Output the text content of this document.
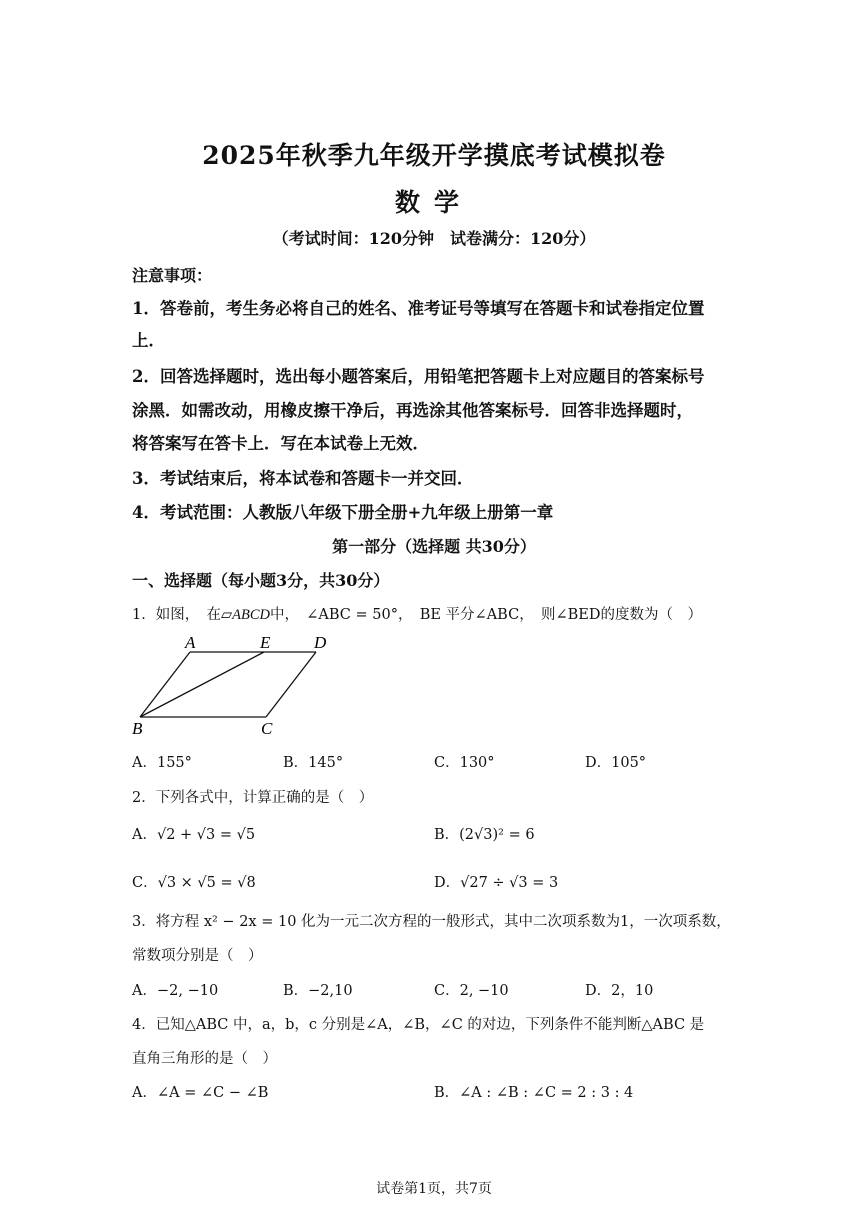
2025年秋季九年级开学摸底考试模拟卷
数学
（考试时间：120分钟　试卷满分：120分）
注意事项：
1．答卷前，考生务必将自己的姓名、准考证号等填写在答题卡和试卷指定位置
上．
2．回答选择题时，选出每小题答案后，用铅笔把答题卡上对应题目的答案标号
涂黑．如需改动，用橡皮擦干净后，再选涂其他答案标号．回答非选择题时，
将答案写在答卡上．写在本试卷上无效．
3．考试结束后，将本试卷和答题卡一并交回．
4．考试范围：人教版八年级下册全册+九年级上册第一章
第一部分（选择题 共30分）
一、选择题（每小题3分，共30分）
1．如图，　在▱ABCD中，　∠ABC = 50°，　BE 平分∠ABC，　则∠BED的度数为（　）
A	E	D
B	C
A．155°	B．145°	C．130°	D．105°
2．下列各式中，计算正确的是（　）
A．√2 + √3 = √5	B．(2√3)² = 6
C．√3 × √5 = √8	D．√27 ÷ √3 = 3
3．将方程 x² − 2x = 10 化为一元二次方程的一般形式，其中二次项系数为1，一次项系数，
常数项分别是（　）
A．−2, −10	B．−2,10	C．2, −10	D．2，10
4．已知△ABC 中，a，b，c 分别是∠A，∠B，∠C 的对边，下列条件不能判断△ABC 是
直角三角形的是（　）
A．∠A = ∠C − ∠B	B．∠A : ∠B : ∠C = 2 : 3 : 4
试卷第1页，共7页
